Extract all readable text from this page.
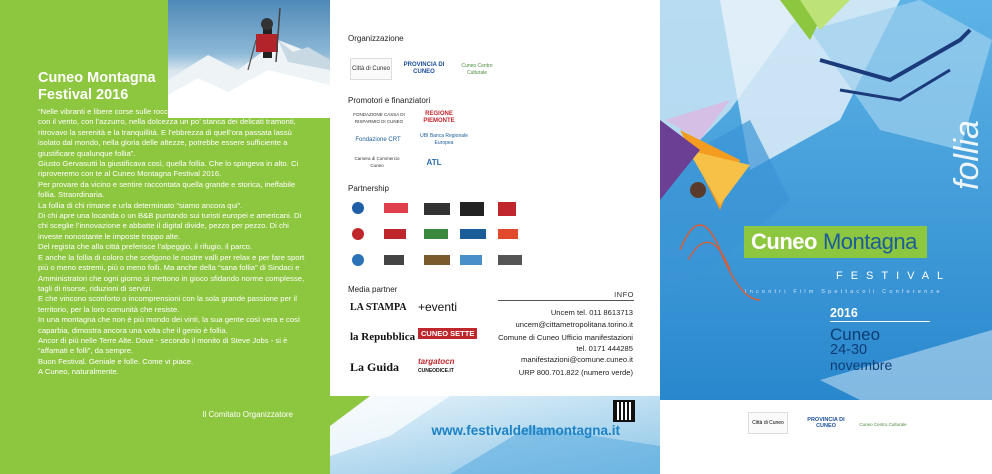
Cuneo Montagna
Festival 2016

“Nelle vibranti e libere corse sulle rocce, nei lunghi e muti colloqui con il sole e con il vento, con l’azzurro, nella dolcezza un po’ stanca dei delicati tramonti, ritrovavo la serenità e la tranquillità. E l’ebbrezza di quell’ora passata lassù isolato dal mondo, nella gloria delle altezze, potrebbe essere sufficiente a giustificare qualunque follia”.

Giusto Gervasutti la giustificava così, quella follia. Che lo spingeva in alto. Ci riproveremo con te al Cuneo Montagna Festival 2016.

Per provare da vicino e sentire raccontata quella grande e storica, ineffabile follia. Straordinaria.

La follia di chi rimane e urla determinato “siamo ancora qui”.

Di chi apre una locanda o un B&B puntando sui turisti europei e americani. Di chi sceglie l’innovazione e abbatte il digital divide, pezzo per pezzo. Di chi investe nonostante le imposte troppo alte.

Del regista che alla città preferisce l’alpeggio, il rifugio, il parco.

E anche la follia di coloro che scelgono le nostre valli per relax e per fare sport più o meno estremi, più o meno folli. Ma anche della “sana follia” di Sindaci e Amministratori che ogni giorno si mettono in gioco sfidando norme complesse, tagli di risorse, riduzioni di servizi.

E che vincono sconforto o incomprensioni con la sola grande passione per il territorio, per la loro comunità che resiste.

In una montagna che non è più mondo dei vinti, la sua gente così vera e così caparbia, dimostra ancora una volta che il genio è follia.

Ancor di più nelle Terre Alte. Dove - secondo il monito di Steve Jobs - si è “affamati e folli”, da sempre.

Buon Festival. Geniale e folle. Come vi piace.

A Cuneo, naturalmente.

Il Comitato Organizzatore
Organizzazione
Città di Cuneo
PROVINCIA DI CUNEO
Cuneo Centro Culturale
Promotori e finanziatori
FONDAZIONE CASSA DI RISPARMIO DI CUNEO
REGIONE PIEMONTE
Fondazione CRT
UBI Banca Regionale Europea
Camera di Commercio Cuneo	ATL
Partnership
Media partner
LA STAMPA +eventi
la Repubblica CUNEO SETTE
La Guida targatocn
CUNEODICE.IT
INFO
Uncem tel. 011 8613713
uncem@cittametropolitana.torino.it
Comune di Cuneo Ufficio manifestazioni
tel. 0171 444285
manifestazioni@comune.cuneo.it
URP 800.701.822 (numero verde)
www.festivaldellamontagna.it
follia
Cuneo Montagna
FESTIVAL
Incontri Film Spettacoli Conferenze
2016
Cuneo
24-30
novembre
Città di Cuneo	PROVINCIA DI CUNEO	Cuneo Centro Culturale
